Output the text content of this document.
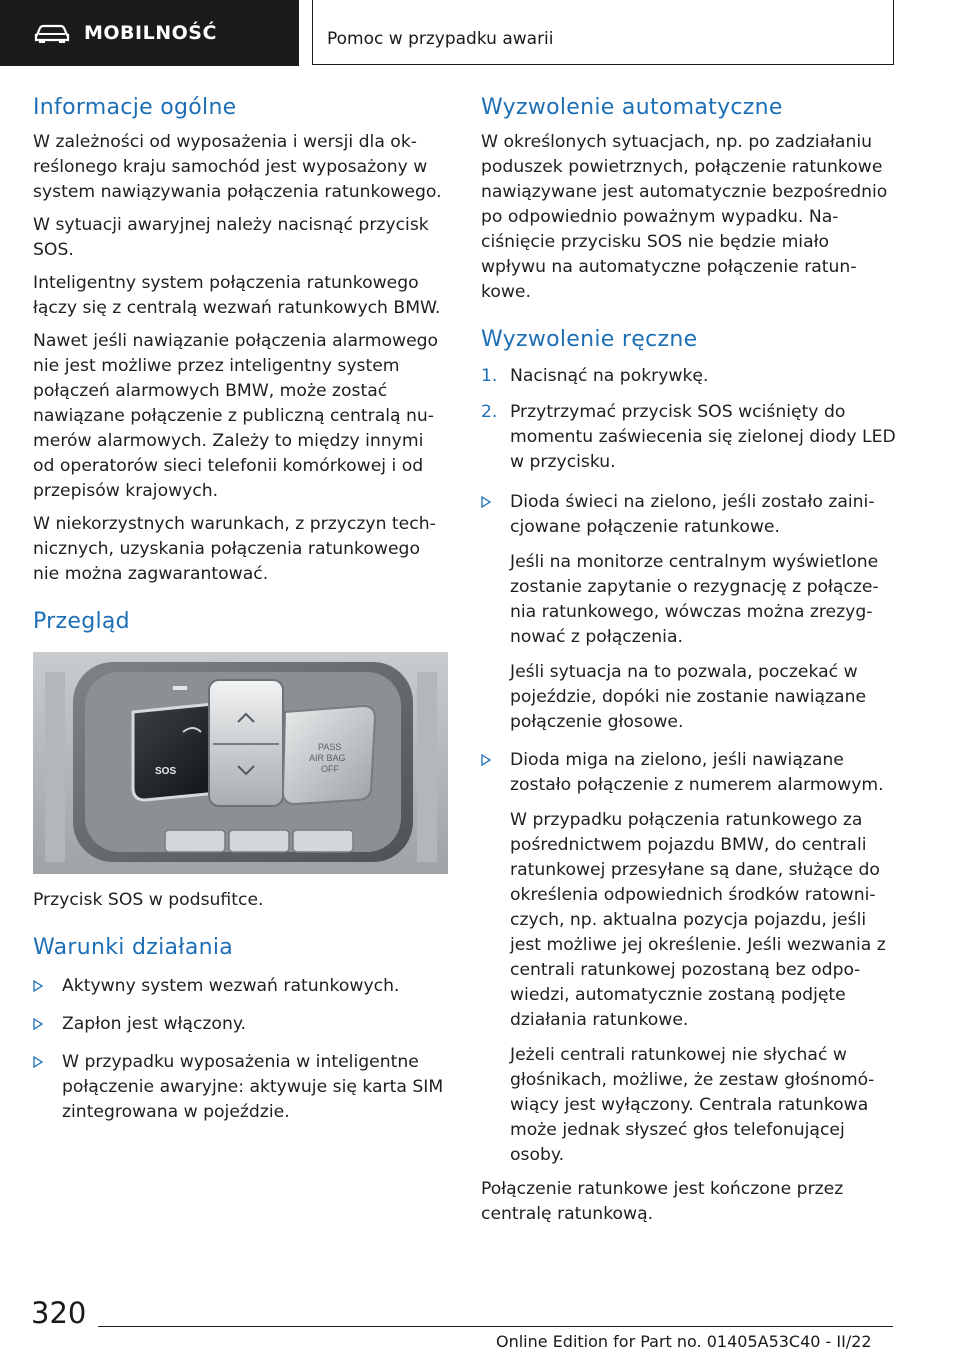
MOBILNOŚĆ	Pomoc w przypadku awarii
Informacje ogólne

W zależności od wyposażenia i wersji dla określonego kraju samochód jest wyposażony w system nawiązywania połączenia ratunkowego.

W sytuacji awaryjnej należy nacisnąć przycisk SOS.

Inteligentny system połączenia ratunkowego łączy się z centralą wezwań ratunkowych BMW.

Nawet jeśli nawiązanie połączenia alarmowego nie jest możliwe przez inteligentny system połączeń alarmowych BMW, może zostać nawiązane połączenie z publiczną centralą numerów alarmowych. Zależy to między innymi od operatorów sieci telefonii komórkowej i od przepisów krajowych.

W niekorzystnych warunkach, z przyczyn technicznych, uzyskania połączenia ratunkowego nie można zagwarantować.

Przegląd
SOS
PASS
AIR BAG
OFF

Przycisk SOS w podsufitce.

Warunki działania

Aktywny system wezwań ratunkowych.

Zapłon jest włączony.

W przypadku wyposażenia w inteligentne połączenie awaryjne: aktywuje się karta SIM zintegrowana w pojeździe.

Wyzwolenie automatyczne

W określonych sytuacjach, np. po zadziałaniu poduszek powietrznych, połączenie ratunkowe nawiązywane jest automatycznie bezpośrednio po odpowiednio poważnym wypadku. Naciśnięcie przycisku SOS nie będzie miało wpływu na automatyczne połączenie ratunkowe.

Wyzwolenie ręczne
1. Nacisnąć na pokrywkę.

2. Przytrzymać przycisk SOS wciśnięty do momentu zaświecenia się zielonej diody LED w przycisku.

Dioda świeci na zielono, jeśli zostało zainicjowane połączenie ratunkowe.

Jeśli na monitorze centralnym wyświetlone zostanie zapytanie o rezygnację z połączenia ratunkowego, wówczas można zrezygnować z połączenia.

Jeśli sytuacja na to pozwala, poczekać w pojeździe, dopóki nie zostanie nawiązane połączenie głosowe.

Dioda miga na zielono, jeśli nawiązane zostało połączenie z numerem alarmowym.

W przypadku połączenia ratunkowego za pośrednictwem pojazdu BMW, do centrali ratunkowej przesyłane są dane, służące do określenia odpowiednich środków ratowniczych, np. aktualna pozycja pojazdu, jeśli jest możliwe jej określenie. Jeśli wezwania z centrali ratunkowej pozostaną bez odpowiedzi, automatycznie zostaną podjęte działania ratunkowe.

Jeżeli centrali ratunkowej nie słychać w głośnikach, możliwe, że zestaw głośnomówiący jest wyłączony. Centrala ratunkowa może jednak słyszeć głos telefonującej osoby.

Połączenie ratunkowe jest kończone przez centralę ratunkową.

320
Online Edition for Part no. 01405A53C40 - II/22
